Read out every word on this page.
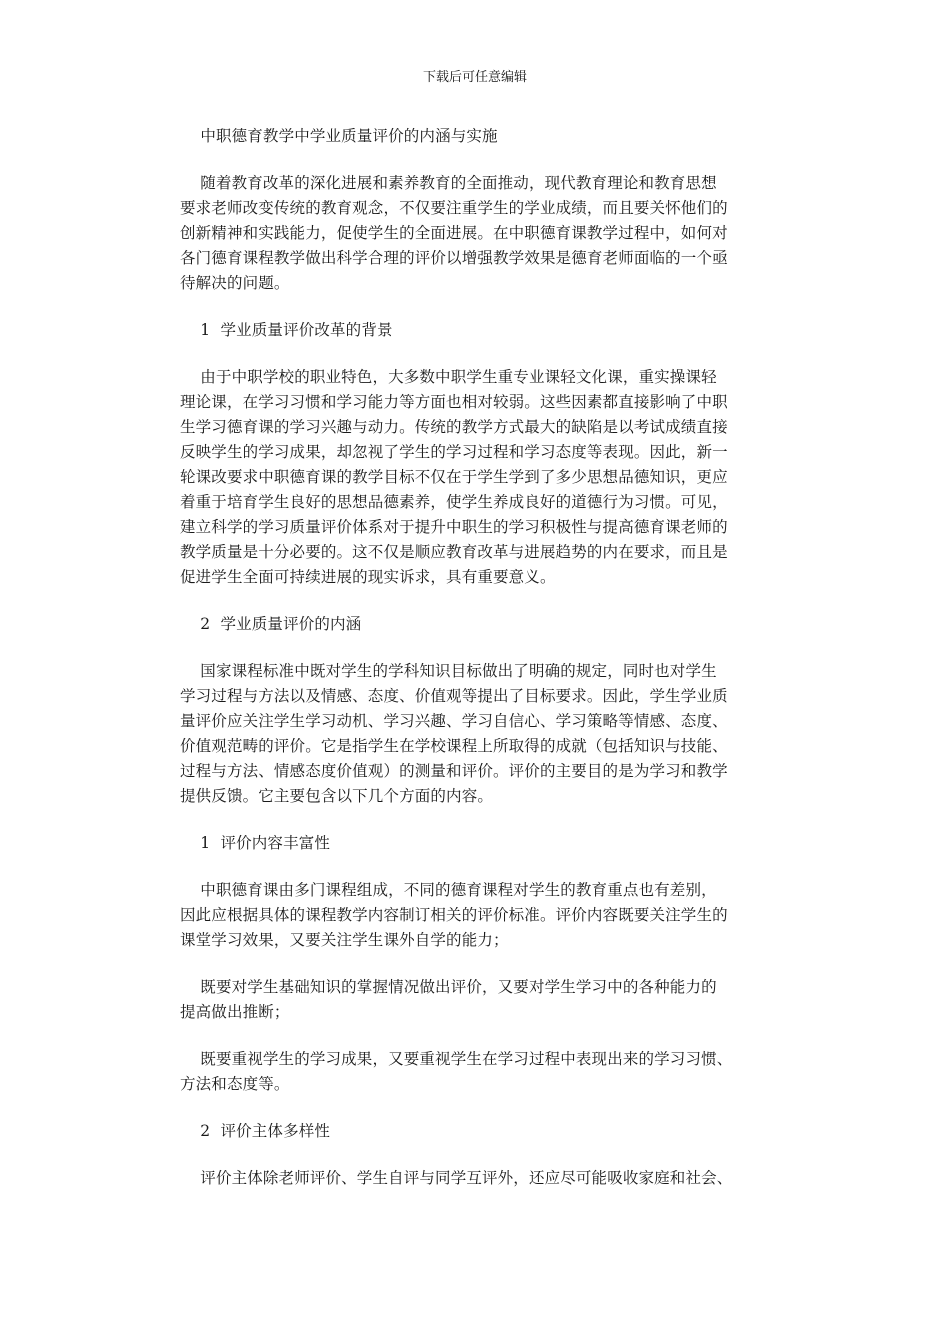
下载后可任意编辑
中职德育教学中学业质量评价的内涵与实施
随着教育改革的深化进展和素养教育的全面推动，现代教育理论和教育思想
要求老师改变传统的教育观念，不仅要注重学生的学业成绩，而且要关怀他们的
创新精神和实践能力，促使学生的全面进展。在中职德育课教学过程中，如何对
各门德育课程教学做出科学合理的评价以增强教学效果是德育老师面临的一个亟
待解决的问题。
1  学业质量评价改革的背景
由于中职学校的职业特色，大多数中职学生重专业课轻文化课，重实操课轻
理论课，在学习习惯和学习能力等方面也相对较弱。这些因素都直接影响了中职
生学习德育课的学习兴趣与动力。传统的教学方式最大的缺陷是以考试成绩直接
反映学生的学习成果，却忽视了学生的学习过程和学习态度等表现。因此，新一
轮课改要求中职德育课的教学目标不仅在于学生学到了多少思想品德知识，更应
着重于培育学生良好的思想品德素养，使学生养成良好的道德行为习惯。可见，
建立科学的学习质量评价体系对于提升中职生的学习积极性与提高德育课老师的
教学质量是十分必要的。这不仅是顺应教育改革与进展趋势的内在要求，而且是
促进学生全面可持续进展的现实诉求，具有重要意义。
2  学业质量评价的内涵
国家课程标准中既对学生的学科知识目标做出了明确的规定，同时也对学生
学习过程与方法以及情感、态度、价值观等提出了目标要求。因此，学生学业质
量评价应关注学生学习动机、学习兴趣、学习自信心、学习策略等情感、态度、
价值观范畴的评价。它是指学生在学校课程上所取得的成就（包括知识与技能、
过程与方法、情感态度价值观）的测量和评价。评价的主要目的是为学习和教学
提供反馈。它主要包含以下几个方面的内容。
1  评价内容丰富性
中职德育课由多门课程组成，不同的德育课程对学生的教育重点也有差别，
因此应根据具体的课程教学内容制订相关的评价标准。评价内容既要关注学生的
课堂学习效果，又要关注学生课外自学的能力；
既要对学生基础知识的掌握情况做出评价，又要对学生学习中的各种能力的
提高做出推断；
既要重视学生的学习成果，又要重视学生在学习过程中表现出来的学习习惯、
方法和态度等。
2  评价主体多样性
评价主体除老师评价、学生自评与同学互评外，还应尽可能吸收家庭和社会、
